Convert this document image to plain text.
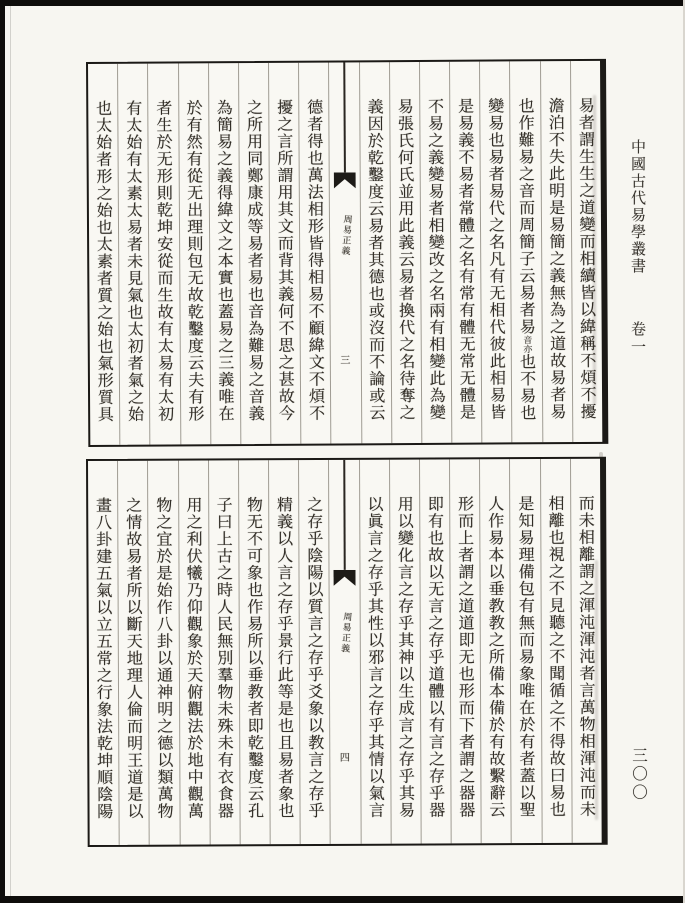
易者謂生生之道變而相續皆以緯稱不煩不擾
澹泊不失此明是易簡之義無為之道故易者易
也作難易之音而周簡子云易者易音亦也不易也
變易也易者易代之名凡有无相代彼此相易皆
是易義不易者常體之名有常有體无常无體是
不易之義變易者相變改之名兩有相變此為變
易張氏何氏並用此義云易者換代之名待奪之
義因於乾鑿度云易者其德也或沒而不論或云
周易正義
三
德者得也萬法相形皆得相易不顧緯文不煩不
擾之言所謂用其文而背其義何不思之甚故今
之所用同鄭康成等易者易也音為難易之音義
為簡易之義得緯文之本實也蓋易之三義唯在
於有然有從无出理則包无故乾鑿度云夫有形
者生於无形則乾坤安從而生故有太易有太初
有太始有太素太易者未見氣也太初者氣之始
也太始者形之始也太素者質之始也氣形質具
而未相離謂之渾沌渾沌者言萬物相渾沌而未
相離也視之不見聽之不聞循之不得故曰易也
是知易理備包有無而易象唯在於有者蓋以聖
人作易本以垂教教之所備本備於有故繫辭云
形而上者謂之道道即无也形而下者謂之器器
即有也故以无言之存乎道體以有言之存乎器
用以變化言之存乎其神以生成言之存乎其易
以眞言之存乎其性以邪言之存乎其情以氣言
周易正義
四
之存乎陰陽以質言之存乎爻象以教言之存乎
精義以人言之存乎景行此等是也且易者象也
物无不可象也作易所以垂教者即乾鑿度云孔
子曰上古之時人民無別羣物未殊未有衣食器
用之利伏犧乃仰觀象於天俯觀法於地中觀萬
物之宜於是始作八卦以通神明之德以類萬物
之情故易者所以斷天地理人倫而明王道是以
畫八卦建五氣以立五常之行象法乾坤順陰陽
中國古代易學叢書
卷一
三〇〇
